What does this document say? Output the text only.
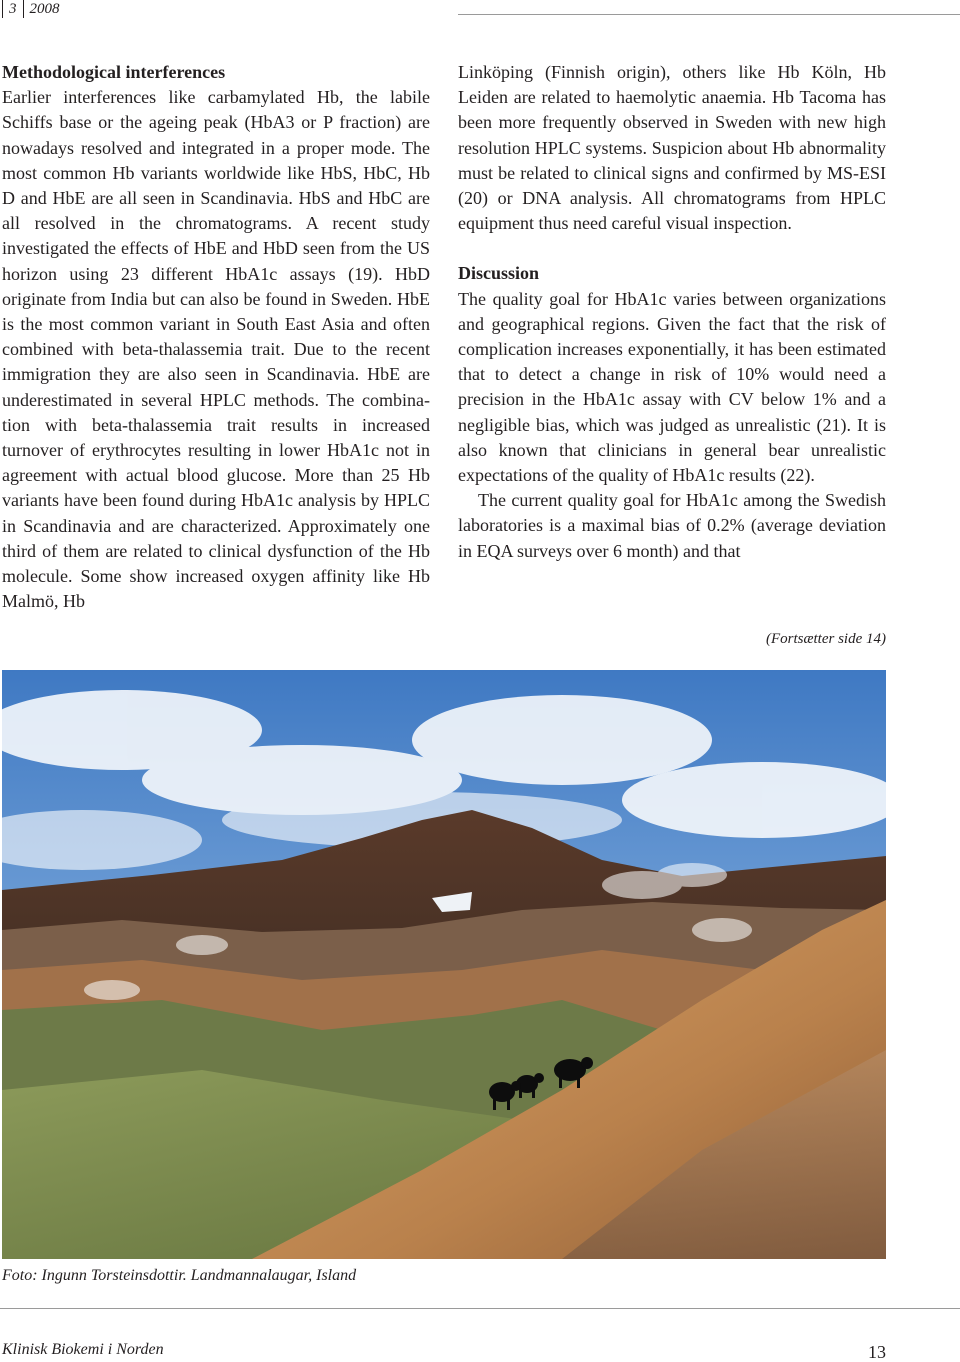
3 2008
Methodological interferences

Earlier interferences like carbamylated Hb, the labile Schiffs base or the ageing peak (HbA3 or P fraction) are nowadays resolved and integrated in a proper mode. The most common Hb variants worldwide like HbS, HbC, Hb D and HbE are all seen in Scandinavia. HbS and HbC are all resolved in the chromatograms. A recent study investigated the effects of HbE and HbD seen from the US horizon using 23 different HbA1c assays (19). HbD originate from India but can also be found in Sweden. HbE is the most common variant in South East Asia and often combined with beta-thalassemia trait. Due to the recent immigration they are also seen in Scandinavia. HbE are underestimated in several HPLC methods. The combination with beta-thalassemia trait results in increased turnover of erythrocytes resulting in lower HbA1c not in agreement with actual blood glucose. More than 25 Hb variants have been found during HbA1c analysis by HPLC in Scandinavia and are characterized. Approximately one third of them are related to clinical dysfunction of the Hb molecule. Some show increased oxygen affinity like Hb Malmö, Hb

Linköping (Finnish origin), others like Hb Köln, Hb Leiden are related to haemolytic anaemia. Hb Tacoma has been more frequently observed in Sweden with new high resolution HPLC systems. Suspicion about Hb abnormality must be related to clinical signs and confirmed by MS-ESI (20) or DNA analysis. All chromatograms from HPLC equipment thus need careful visual inspection.

Discussion

The quality goal for HbA1c varies between organizations and geographical regions. Given the fact that the risk of complication increases exponentially, it has been estimated that to detect a change in risk of 10% would need a precision in the HbA1c assay with CV below 1% and a negligible bias, which was judged as unrealistic (21). It is also known that clinicians in general bear unrealistic expectations of the quality of HbA1c results (22).

The current quality goal for HbA1c among the Swedish laboratories is a maximal bias of 0.2% (average deviation in EQA surveys over 6 month) and that

(Fortsætter side 14)
Foto: Ingunn Torsteinsdottir. Landmannalaugar, Island
Klinisk Biokemi i Norden	13
